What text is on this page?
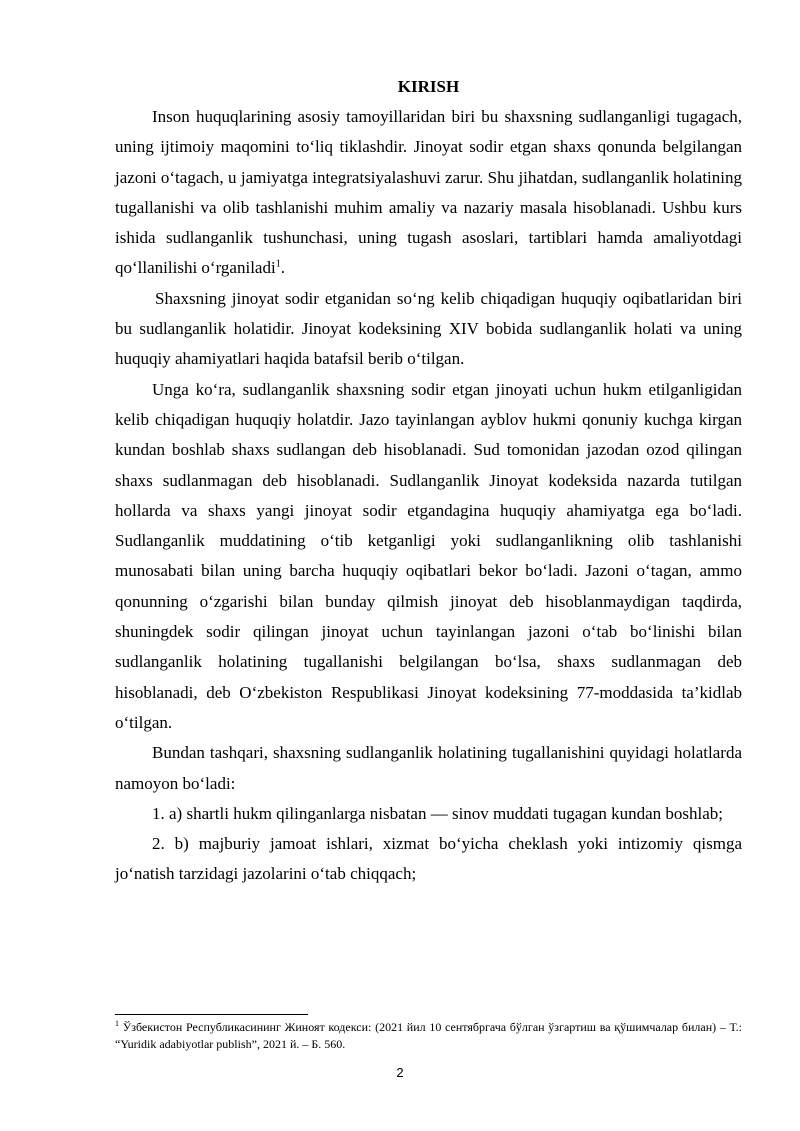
KIRISH

Inson huquqlarining asosiy tamoyillaridan biri bu shaxsning sudlanganligi tugagach, uning ijtimoiy maqomini to‘liq tiklashdir. Jinoyat sodir etgan shaxs qonunda belgilangan jazoni o‘tagach, u jamiyatga integratsiyalashuvi zarur. Shu jihatdan, sudlanganlik holatining tugallanishi va olib tashlanishi muhim amaliy va nazariy masala hisoblanadi. Ushbu kurs ishida sudlanganlik tushunchasi, uning tugash asoslari, tartiblari hamda amaliyotdagi qo‘llanilishi o‘rganiladi$^1$.

Shaxsning jinoyat sodir etganidan so‘ng kelib chiqadigan huquqiy oqibatlaridan biri bu sudlanganlik holatidir. Jinoyat kodeksining XIV bobida sudlanganlik holati va uning huquqiy ahamiyatlari haqida batafsil berib o‘tilgan.

Unga ko‘ra, sudlanganlik shaxsning sodir etgan jinoyati uchun hukm etilganligidan kelib chiqadigan huquqiy holatdir. Jazo tayinlangan ayblov hukmi qonuniy kuchga kirgan kundan boshlab shaxs sudlangan deb hisoblanadi. Sud tomonidan jazodan ozod qilingan shaxs sudlanmagan deb hisoblanadi. Sudlanganlik Jinoyat kodeksida nazarda tutilgan hollarda va shaxs yangi jinoyat sodir etgandagina huquqiy ahamiyatga ega bo‘ladi. Sudlanganlik muddatining o‘tib ketganligi yoki sudlanganlikning olib tashlanishi munosabati bilan uning barcha huquqiy oqibatlari bekor bo‘ladi. Jazoni o‘tagan, ammo qonunning o‘zgarishi bilan bunday qilmish jinoyat deb hisoblanmaydigan taqdirda, shuningdek sodir qilingan jinoyat uchun tayinlangan jazoni o‘tab bo‘linishi bilan sudlanganlik holatining tugallanishi belgilangan bo‘lsa, shaxs sudlanmagan deb hisoblanadi, deb O‘zbekiston Respublikasi Jinoyat kodeksining 77-moddasida ta’kidlab o‘tilgan.

Bundan tashqari, shaxsning sudlanganlik holatining tugallanishini quyidagi holatlarda namoyon bo‘ladi:

1. a) shartli hukm qilinganlarga nisbatan — sinov muddati tugagan kundan boshlab;

2. b) majburiy jamoat ishlari, xizmat bo‘yicha cheklash yoki intizomiy qismga jo‘natish tarzidagi jazolarini o‘tab chiqqach;

$^1$ Ўзбекистон Республикасининг Жиноят кодекси: (2021 йил 10 сентябргача бўлган ўзгартиш ва қўшимчалар билан) – Т.: “Yuridik adabiyotlar publish”, 2021 й. – Б. 560.
2
